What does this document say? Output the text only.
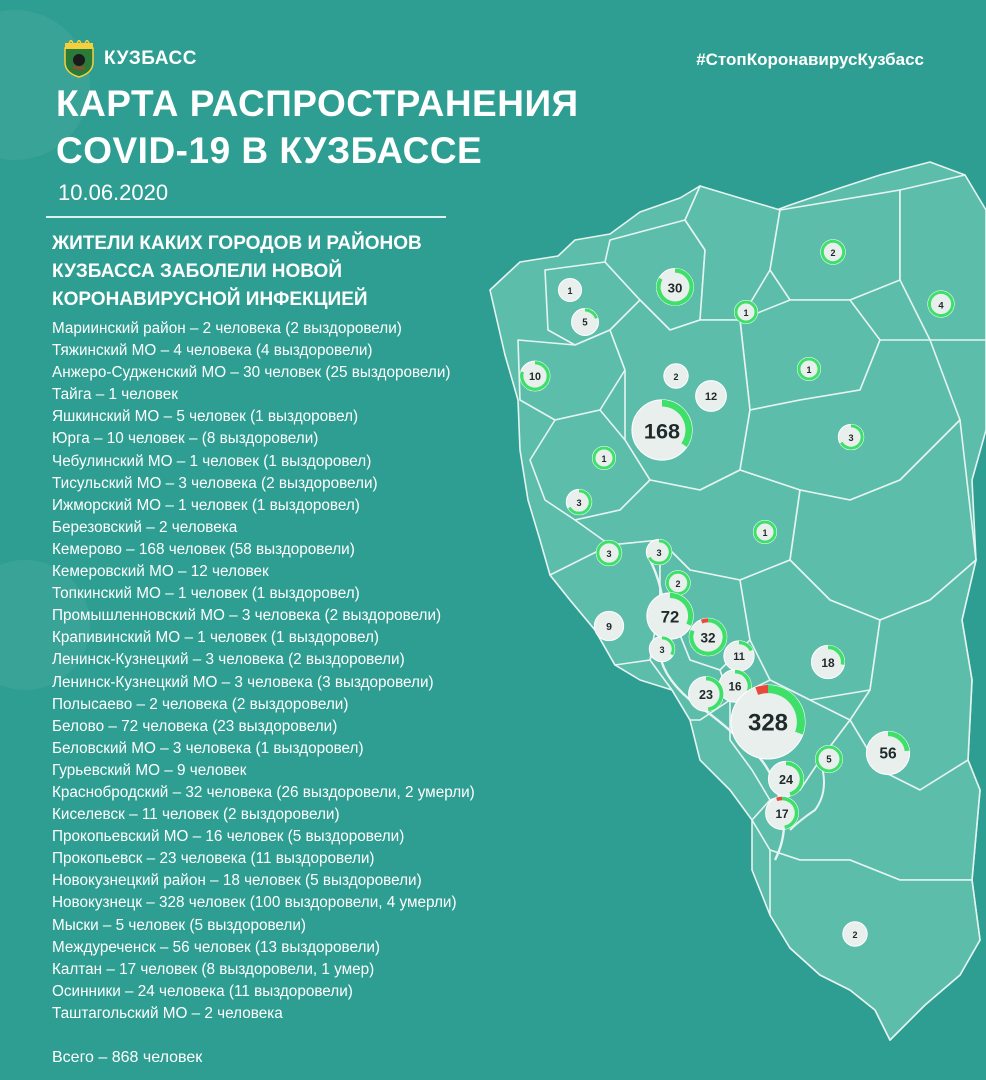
КУЗБАСС	#СтопКоронавирусКузбасс
КАРТА РАСПРОСТРАНЕНИЯ
COVID-19 В КУЗБАССЕ
10.06.2020
ЖИТЕЛИ КАКИХ ГОРОДОВ И РАЙОНОВ
КУЗБАССА ЗАБОЛЕЛИ НОВОЙ
КОРОНАВИРУСНОЙ ИНФЕКЦИЕЙ
Мариинский район – 2 человека (2 выздоровели)
Тяжинский МО – 4 человека (4 выздоровели)
Анжеро-Судженский МО – 30 человек (25 выздоровели)
Тайга – 1 человек
Яшкинский МО – 5 человек (1 выздоровел)
Юрга – 10 человек – (8 выздоровели)
Чебулинский МО – 1 человек (1 выздоровел)
Тисульский МО – 3 человека (2 выздоровели)
Ижморский МО – 1 человек (1 выздоровел)
Березовский – 2 человека
Кемерово – 168 человек (58 выздоровели)
Кемеровский МО – 12 человек
Топкинский МО – 1 человек (1 выздоровел)
Промышленновский МО – 3 человека (2 выздоровели)
Крапивинский МО – 1 человек (1 выздоровел)
Ленинск-Кузнецкий – 3 человека (2 выздоровели)
Ленинск-Кузнецкий МО – 3 человека (3 выздоровели)
Полысаево – 2 человека (2 выздоровели)
Белово – 72 человека (23 выздоровели)
Беловский МО – 3 человека (1 выздоровел)
Гурьевский МО – 9 человек
Краснобродский – 32 человека (26 выздоровели, 2 умерли)
Киселевск – 11 человек (2 выздоровели)
Прокопьевский МО – 16 человек (5 выздоровели)
Прокопьевск – 23 человека (11 выздоровели)
Новокузнецкий район – 18 человек (5 выздоровели)
Новокузнецк – 328 человек (100 выздоровели, 4 умерли)
Мыски – 5 человек (5 выздоровели)
Междуреченск – 56 человек (13 выздоровели)
Калтан – 17 человек (8 выздоровели, 1 умер)
Осинники – 24 человека (11 выздоровели)
Таштагольский МО – 2 человека
Всего – 868 человек
1
5
30
2
4
1
1
10	2
12
168	3
1
3
1
3	3
2
72
9
32
3
11	18
16
23
328
5	56
24
17
2
